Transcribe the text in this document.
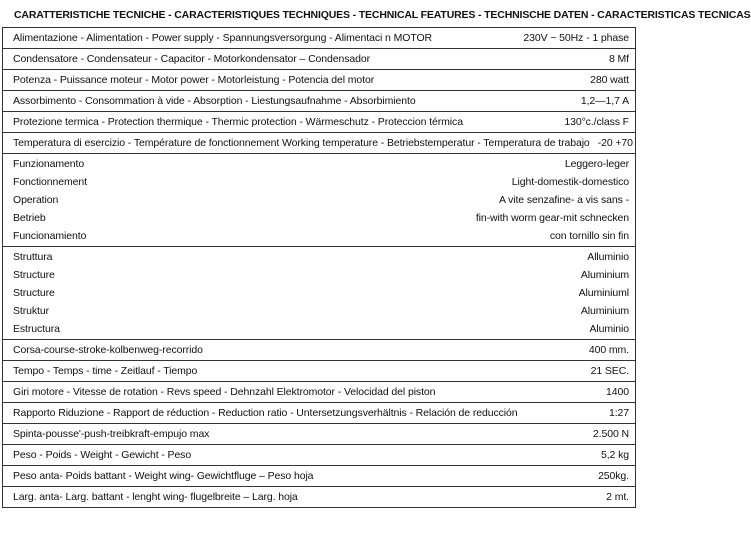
CARATTERISTICHE TECNICHE - CARACTERISTIQUES TECHNIQUES - TECHNICAL FEATURES - TECHNISCHE DATEN - CARACTERISTICAS TECNICAS
Alimentazione - Alimentation - Power supply - Spannungsversorgung - Alimentaci n MOTOR	230V ~ 50Hz - 1 phase

Condensatore - Condensateur - Capacitor - Motorkondensator – Condensador	8 Mf

Potenza - Puissance moteur - Motor power - Motorleistung - Potencia del motor	280 watt

Assorbimento - Consommation à vide - Absorption - Liestungsaufnahme - Absorbimiento	1,2—1,7 A

Protezione termica - Protection thermique - Thermic protection - Wärmeschutz - Proteccion térmica	130°c./class F

Temperatura di esercizio - Température de fonctionnement Working temperature - Betriebstemperatur - Temperatura de trabajo -20 +70

Funzionamento	Leggero-leger
Fonctionnement	Light-domestik-domestico
Operation	A vite senzafine- a vis sans -
Betrieb	fin-with worm gear-mit schnecken
Funcionamiento	con tornillo sin fin

Struttura	Alluminio
Structure	Aluminium
Structure	Aluminiuml
Struktur	Aluminium
Estructura	Aluminio

Corsa-course-stroke-kolbenweg-recorrido	400 mm.

Tempo - Temps - time - Zeitlauf - Tiempo	21 SEC.

Giri motore - Vitesse de rotation - Revs speed - Dehnzahl Elektromotor - Velocidad del piston	1400

Rapporto Riduzione - Rapport de réduction - Reduction ratio - Untersetzungsverhältnis - Relación de reducción	1:27

Spinta-pousse'-push-treibkraft-empujo max	2.500 N

Peso - Poids - Weight - Gewicht - Peso	5,2 kg

Peso anta- Poids battant - Weight wing- Gewichtfluge – Peso hoja	250kg.

Larg. anta- Larg. battant - lenght wing- flugelbreite – Larg. hoja	2 mt.
